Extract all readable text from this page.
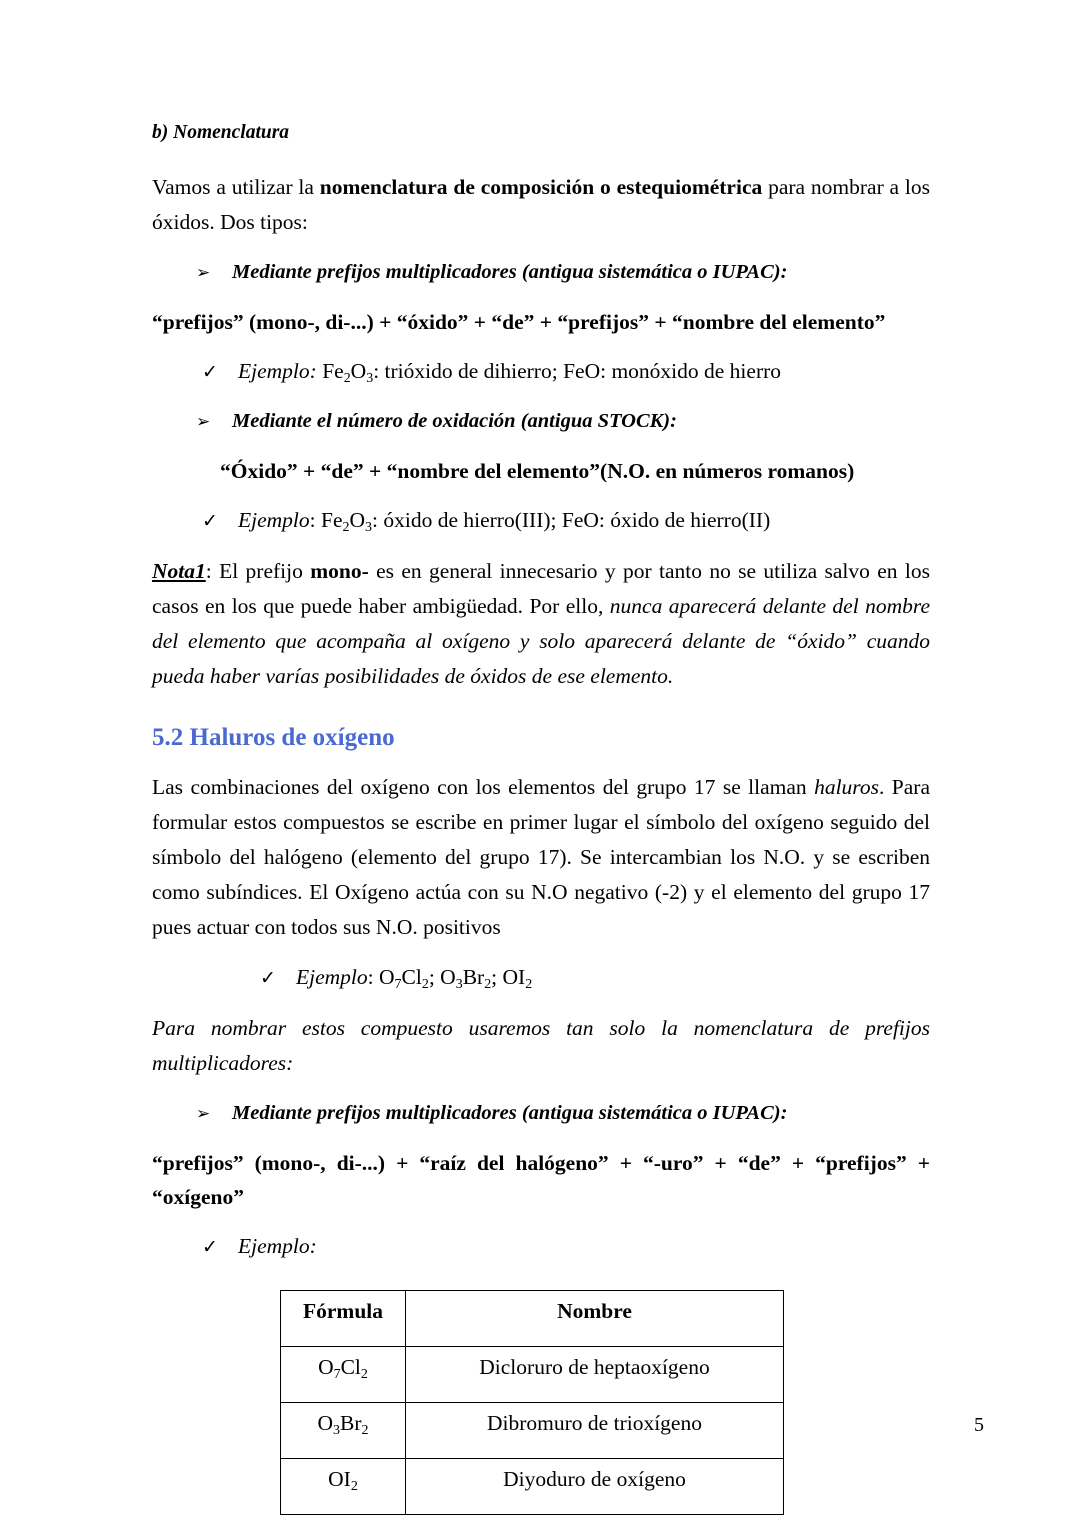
b) Nomenclatura

Vamos a utilizar la nomenclatura de composición o estequiométrica para nombrar a los óxidos. Dos tipos:

➢	Mediante prefijos multiplicadores (antigua sistemática o IUPAC):
“prefijos” (mono-, di-...) + “óxido” + “de” + “prefijos” + “nombre del elemento”
✓ Ejemplo: $Fe_2O_3$: trióxido de dihierro; FeO: monóxido de hierro
➢	Mediante el número de oxidación (antigua STOCK):
“Óxido” + “de” + “nombre del elemento”(N.O. en números romanos)
✓ Ejemplo: $Fe_2O_3$: óxido de hierro(III); FeO: óxido de hierro(II)

Nota1: El prefijo mono- es en general innecesario y por tanto no se utiliza salvo en los casos en los que puede haber ambigüedad. Por ello, nunca aparecerá delante del nombre del elemento que acompaña al oxígeno y solo aparecerá delante de “óxido” cuando pueda haber varías posibilidades de óxidos de ese elemento.

5.2 Haluros de oxígeno

Las combinaciones del oxígeno con los elementos del grupo 17 se llaman haluros. Para formular estos compuestos se escribe en primer lugar el símbolo del oxígeno seguido del símbolo del halógeno (elemento del grupo 17). Se intercambian los N.O. y se escriben como subíndices. El Oxígeno actúa con su N.O negativo (-2) y el elemento del grupo 17 pues actuar con todos sus N.O. positivos

✓ Ejemplo: $O_7Cl_2$; $O_3Br_2$; $OI_2$

Para nombrar estos compuesto usaremos tan solo la nomenclatura de prefijos multiplicadores:

➢	Mediante prefijos multiplicadores (antigua sistemática o IUPAC):
“prefijos” (mono-, di-...) + “raíz del halógeno” + “-uro” + “de” + “prefijos” + “oxígeno”
✓ Ejemplo:
Fórmula	Nombre
$O_7Cl_2$	Dicloruro de heptaoxígeno
$O_3Br_2$	Dibromuro de trioxígeno
$OI_2$	Diyoduro de oxígeno
5
